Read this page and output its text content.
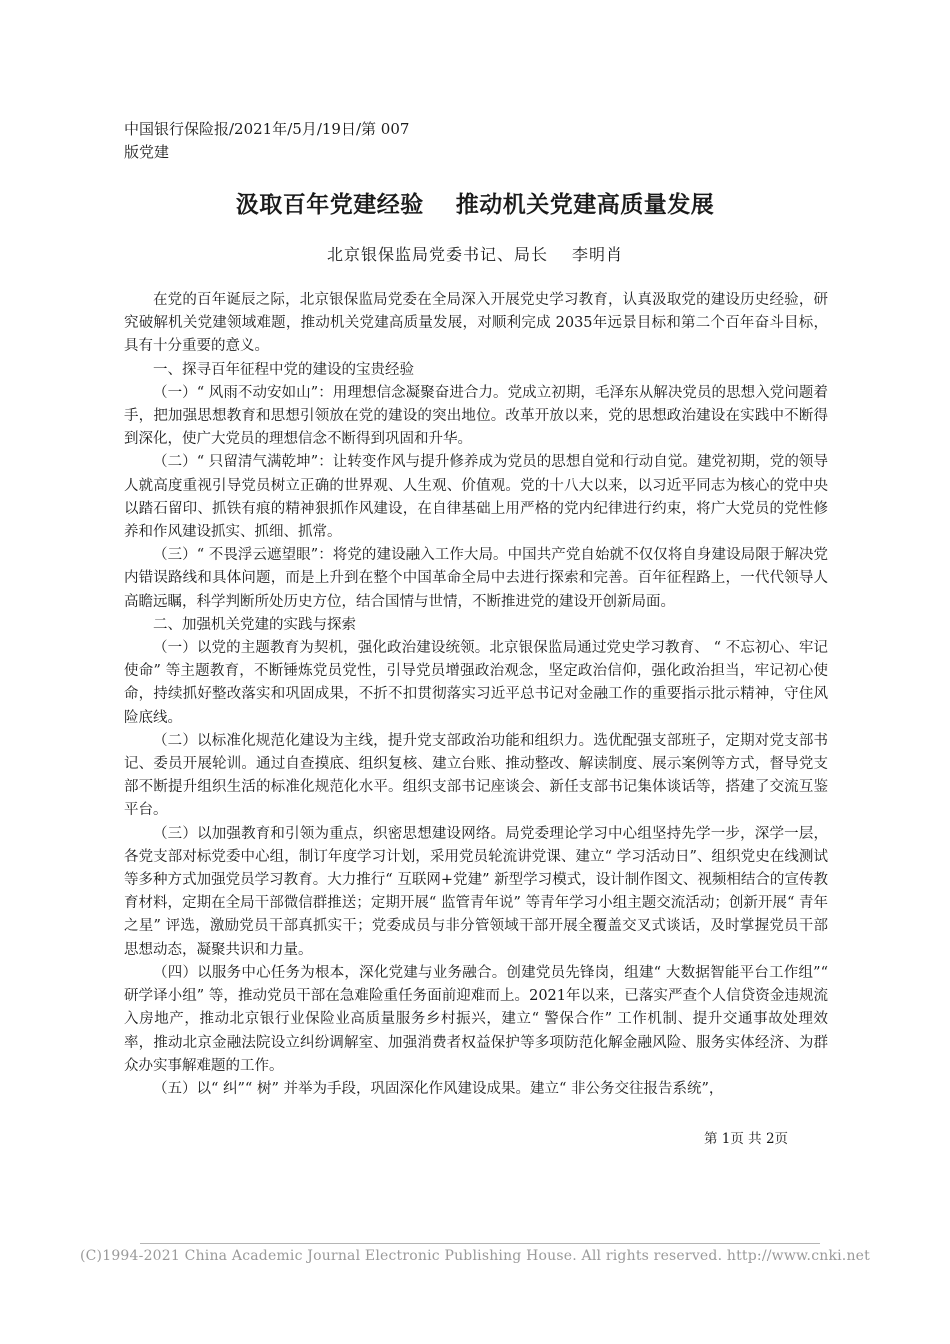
中国银行保险报/2021年/5月/19日/第 007版党建
汲取百年党建经验 推动机关党建高质量发展
北京银保监局党委书记、局长 李明肖

在党的百年诞辰之际，北京银保监局党委在全局深入开展党史学习教育，认真汲取党的建设历史经验，研究破解机关党建领域难题，推动机关党建高质量发展，对顺利完成 2035年远景目标和第二个百年奋斗目标，具有十分重要的意义。

一、探寻百年征程中党的建设的宝贵经验

（一）“ 风雨不动安如山”：用理想信念凝聚奋进合力。党成立初期，毛泽东从解决党员的思想入党问题着手，把加强思想教育和思想引领放在党的建设的突出地位。改革开放以来，党的思想政治建设在实践中不断得到深化，使广大党员的理想信念不断得到巩固和升华。

（二）“ 只留清气满乾坤”：让转变作风与提升修养成为党员的思想自觉和行动自觉。建党初期，党的领导人就高度重视引导党员树立正确的世界观、人生观、价值观。党的十八大以来，以习近平同志为核心的党中央以踏石留印、抓铁有痕的精神狠抓作风建设，在自律基础上用严格的党内纪律进行约束，将广大党员的党性修养和作风建设抓实、抓细、抓常。

（三）“ 不畏浮云遮望眼”：将党的建设融入工作大局。中国共产党自始就不仅仅将自身建设局限于解决党内错误路线和具体问题，而是上升到在整个中国革命全局中去进行探索和完善。百年征程路上，一代代领导人高瞻远瞩，科学判断所处历史方位，结合国情与世情，不断推进党的建设开创新局面。

二、加强机关党建的实践与探索

（一）以党的主题教育为契机，强化政治建设统领。北京银保监局通过党史学习教育、 “ 不忘初心、牢记使命” 等主题教育，不断锤炼党员党性，引导党员增强政治观念，坚定政治信仰，强化政治担当，牢记初心使命，持续抓好整改落实和巩固成果，不折不扣贯彻落实习近平总书记对金融工作的重要指示批示精神，守住风险底线。

（二）以标准化规范化建设为主线，提升党支部政治功能和组织力。选优配强支部班子，定期对党支部书记、委员开展轮训。通过自查摸底、组织复核、建立台账、推动整改、解读制度、展示案例等方式，督导党支部不断提升组织生活的标准化规范化水平。组织支部书记座谈会、新任支部书记集体谈话等，搭建了交流互鉴平台。

（三）以加强教育和引领为重点，织密思想建设网络。局党委理论学习中心组坚持先学一步，深学一层，各党支部对标党委中心组，制订年度学习计划，采用党员轮流讲党课、建立“ 学习活动日”、组织党史在线测试等多种方式加强党员学习教育。大力推行“ 互联网+党建” 新型学习模式，设计制作图文、视频相结合的宣传教育材料，定期在全局干部微信群推送；定期开展“ 监管青年说” 等青年学习小组主题交流活动；创新开展“ 青年之星” 评选，激励党员干部真抓实干；党委成员与非分管领域干部开展全覆盖交叉式谈话，及时掌握党员干部思想动态，凝聚共识和力量。

（四）以服务中心任务为根本，深化党建与业务融合。创建党员先锋岗，组建“ 大数据智能平台工作组”“ 研学译小组” 等，推动党员干部在急难险重任务面前迎难而上。2021年以来，已落实严查个人信贷资金违规流入房地产，推动北京银行业保险业高质量服务乡村振兴，建立“ 警保合作” 工作机制、提升交通事故处理效率，推动北京金融法院设立纠纷调解室、加强消费者权益保护等多项防范化解金融风险、服务实体经济、为群众办实事解难题的工作。

（五）以“ 纠”“ 树” 并举为手段，巩固深化作风建设成果。建立“ 非公务交往报告系统”，

第 1页 共 2页
(C)1994-2021 China Academic Journal Electronic Publishing House. All rights reserved. http://www.cnki.net
